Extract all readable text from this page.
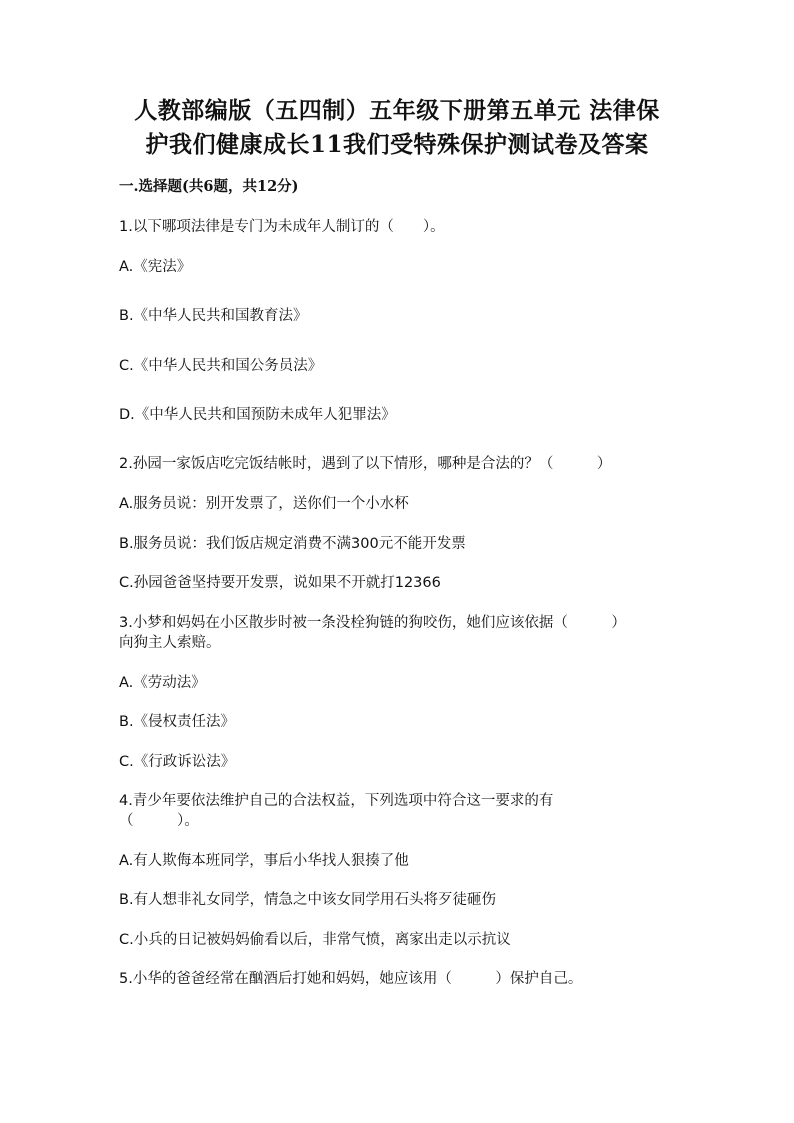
人教部编版（五四制）五年级下册第五单元 法律保
护我们健康成长11我们受特殊保护测试卷及答案
一.选择题(共6题，共12分)
1.以下哪项法律是专门为未成年人制订的（　　）。
A.《宪法》
B.《中华人民共和国教育法》
C.《中华人民共和国公务员法》
D.《中华人民共和国预防未成年人犯罪法》
2.孙园一家饭店吃完饭结帐时，遇到了以下情形，哪种是合法的？（　　　）
A.服务员说：别开发票了，送你们一个小水杯
B.服务员说：我们饭店规定消费不满300元不能开发票
C.孙园爸爸坚持要开发票，说如果不开就打12366
3.小梦和妈妈在小区散步时被一条没栓狗链的狗咬伤，她们应该依据（　　　）
向狗主人索赔。
A.《劳动法》
B.《侵权责任法》
C.《行政诉讼法》
4.青少年要依法维护自己的合法权益，下列选项中符合这一要求的有
（　　　）。
A.有人欺侮本班同学，事后小华找人狠揍了他
B.有人想非礼女同学，情急之中该女同学用石头将歹徒砸伤
C.小兵的日记被妈妈偷看以后，非常气愤，离家出走以示抗议
5.小华的爸爸经常在酗酒后打她和妈妈，她应该用（　　　）保护自己。
